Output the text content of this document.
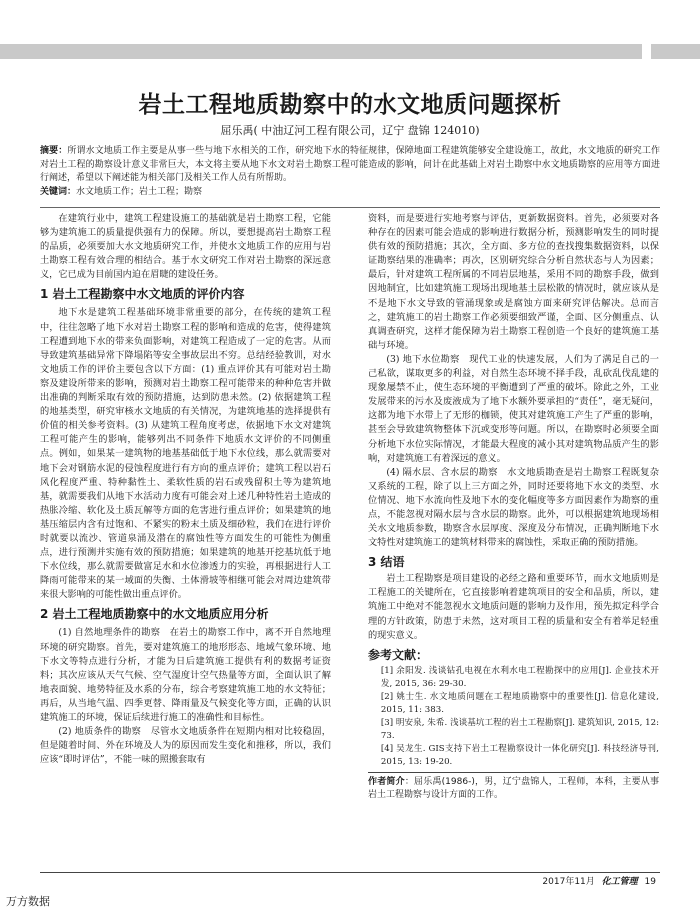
岩土工程地质勘察中的水文地质问题探析
屈乐禹( 中油辽河工程有限公司，辽宁 盘锦 124010)
摘要：所谓水文地质工作主要是从事一些与地下水相关的工作，研究地下水的特征规律，保障地面工程建筑能够安全建设施工，故此，水文地质的研究工作对岩土工程的勘察设计意义非常巨大，本文将主要从地下水文对岩土勘察工程可能造成的影响，问计在此基础上对岩土勘察中水文地质勘察的应用等方面进行阐述，希望以下阐述能为相关部门及相关工作人员有所帮助。
关键词：水文地质工作；岩土工程；勘察

在建筑行业中，建筑工程建设施工的基础就是岩土勘察工程，它能够为建筑施工的质量提供强有力的保障。所以，要想提高岩土勘察工程的品质，必须要加大水文地质研究工作，并使水文地质工作的应用与岩土勘察工程有效合理的相结合。基于水文研究工作对岩土勘察的深远意义，它已成为目前国内迫在眉睫的建设任务。

1 岩土工程勘察中水文地质的评价内容

地下水是建筑工程基础环境非常重要的部分，在传统的建筑工程中，往往忽略了地下水对岩土勘察工程的影响和造成的危害，使得建筑工程遭到地下水的带来负面影响，对建筑工程造成了一定的危害。从而导致建筑基础异常下降塌陷等安全事故层出不穷。总结经验教训，对水文地质工作的评价主要包含以下方面：(1) 重点评价其有可能对岩土勘察及建设所带来的影响，预测对岩土勘察工程可能带来的种种危害并做出准确的判断采取有效的预防措施，达到防患未然。(2) 依据建筑工程的地基类型，研究审核水文地质的有关情况，为建筑地基的选择提供有价值的相关参考资料。(3) 从建筑工程角度考虑，依据地下水文对建筑工程可能产生的影响，能够列出不同条件下地质水文评价的不同侧重点。例如，如果某一建筑物的地基基础低于地下水位线，那么就需要对地下会对钢筋水泥的侵蚀程度进行有方向的重点评价；建筑工程以岩石风化程度严重、特种黏性土、柔软性质的岩石或残留积土等为建筑地基，就需要我们从地下水活动力度有可能会对上述几种特性岩土造成的热胀冷缩、软化及土质瓦解等方面的危害进行重点评价；如果建筑的地基压缩层内含有过饱和、不紧实的粉末土质及细砂粒，我们在进行评价时就要以流沙、管道泉涌及潜在的腐蚀性等方面发生的可能性为侧重点，进行预测并实施有效的预防措施；如果建筑的地基开挖基坑低于地下水位线，那么就需要做富足水和水位渗透力的实验，再根据进行人工降雨可能带来的某一域面的失衡、土体滑坡等相继可能会对周边建筑带来很大影响的可能性做出重点评价。

2 岩土工程地质勘察中的水文地质应用分析

(1) 自然地理条件的勘察　在岩土的勘察工作中，离不开自然地理环境的研究勘察。首先，要对建筑施工的地形形态、地域气象环境、地下水文等特点进行分析，才能为日后建筑施工提供有利的数据考证资料；其次应该从天气气候、空气湿度计空气热量等方面，全面认识了解地表面貌、地势特征及水系的分布，综合考察建筑施工地的水文特征；再后，从当地气温、四季更替、降雨量及气候变化等方面，正确的认识建筑施工的环境，保证后续进行施工的准确性和目标性。

(2) 地质条件的勘察　尽管水文地质条件在短期内相对比较稳固，但是随着时间、外在环境及人为的原因而发生变化和推移，所以，我们应该“即时评估”，不能一味的照搬套取有

资料，而是要进行实地考察与评估，更新数据资料。首先，必须要对各种存在的因素可能会造成的影响进行数据分析，预测影响发生的同时提供有效的预防措施；其次，全方面、多方位的查找搜集数据资料，以保证勘察结果的准确率；再次，区别研究综合分析自然状态与人为因素；最后，针对建筑工程所属的不同岩层地基，采用不同的勘察手段，做到因地制宜，比如建筑施工现场出现地基土层松散的情况时，就应该从是不是地下水文导致的管涌现象或是腐蚀方面来研究评估解决。总而言之，建筑施工的岩土勘察工作必须要细致严谨，全面、区分侧重点、认真调查研究，这样才能保障为岩土勘察工程创造一个良好的建筑施工基础与环境。

(3) 地下水位勘察　现代工业的快速发展，人们为了满足自己的一己私欲，谋取更多的利益，对自然生态环境不择手段，乱砍乱伐乱建的现象屡禁不止，使生态环境的平衡遭到了严重的破坏。除此之外，工业发展带来的污水及废液成为了地下水额外要承担的“责任”，毫无疑问，这都为地下水带上了无形的枷锁，使其对建筑施工产生了严重的影响，甚至会导致建筑物整体下沉或变形等问题。所以，在勘察时必须要全面分析地下水位实际情况，才能最大程度的减小其对建筑物品质产生的影响，对建筑施工有着深远的意义。

(4) 隔水层、含水层的勘察　水文地质勘查是岩土勘察工程既复杂又系统的工程，除了以上三方面之外，同时还要将地下水文的类型、水位情况、地下水流向性及地下水的变化幅度等多方面因素作为勘察的重点，不能忽视对隔水层与含水层的勘察。此外，可以根据建筑地现场相关水文地质参数，勘察含水层厚度、深度及分布情况，正确判断地下水文特性对建筑施工的建筑材料带来的腐蚀性，采取正确的预防措施。

3 结语

岩土工程勘察是项目建设的必经之路和重要环节，而水文地质则是工程施工的关键所在，它直接影响着建筑项目的安全和品质，所以，建筑施工中绝对不能忽视水文地质问题的影响力及作用，预先拟定科学合理的方针政策，防患于未然，这对项目工程的质量和安全有着举足轻重的现实意义。

参考文献：

[1] 余阳发. 浅谈钻孔电视在水利水电工程勘探中的应用[J]. 企业技术开发, 2015, 36: 29-30.

[2] 姚士生. 水文地质问题在工程地质勘察中的重要性[J]. 信息化建设, 2015, 11: 383.

[3] 明安泉, 朱希. 浅谈基坑工程的岩土工程勘察[J]. 建筑知识, 2015, 12: 73.

[4] 吴龙生. GIS支持下岩土工程勘察设计一体化研究[J]. 科技经济导刊, 2015, 13: 19-20.

作者简介：屈乐禹(1986-)，男，辽宁盘锦人，工程师，本科，主要从事岩土工程勘察与设计方面的工作。
2017年11月 化工管理 19
万方数据
